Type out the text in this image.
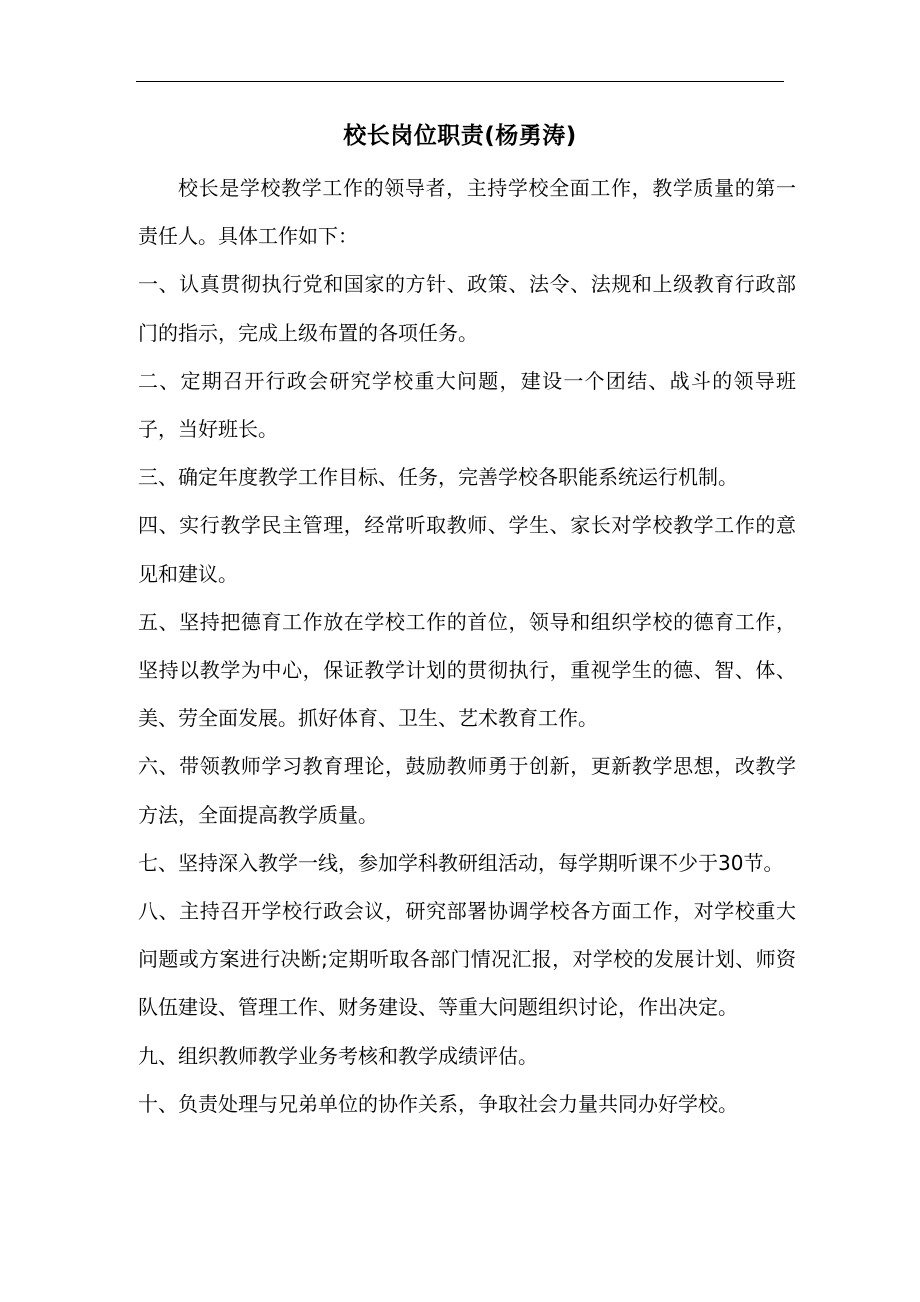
校长岗位职责(杨勇涛)

校长是学校教学工作的领导者，主持学校全面工作，教学质量的第一责任人。具体工作如下：

一、认真贯彻执行党和国家的方针、政策、法令、法规和上级教育行政部门的指示，完成上级布置的各项任务。

二、定期召开行政会研究学校重大问题，建设一个团结、战斗的领导班子，当好班长。

三、确定年度教学工作目标、任务，完善学校各职能系统运行机制。

四、实行教学民主管理，经常听取教师、学生、家长对学校教学工作的意见和建议。

五、坚持把德育工作放在学校工作的首位，领导和组织学校的德育工作，坚持以教学为中心，保证教学计划的贯彻执行，重视学生的德、智、体、美、劳全面发展。抓好体育、卫生、艺术教育工作。

六、带领教师学习教育理论，鼓励教师勇于创新，更新教学思想，改教学方法，全面提高教学质量。

七、坚持深入教学一线，参加学科教研组活动，每学期听课不少于30节。

八、主持召开学校行政会议，研究部署协调学校各方面工作，对学校重大问题或方案进行决断;定期听取各部门情况汇报，对学校的发展计划、师资队伍建设、管理工作、财务建设、等重大问题组织讨论，作出决定。

九、组织教师教学业务考核和教学成绩评估。

十、负责处理与兄弟单位的协作关系，争取社会力量共同办好学校。
